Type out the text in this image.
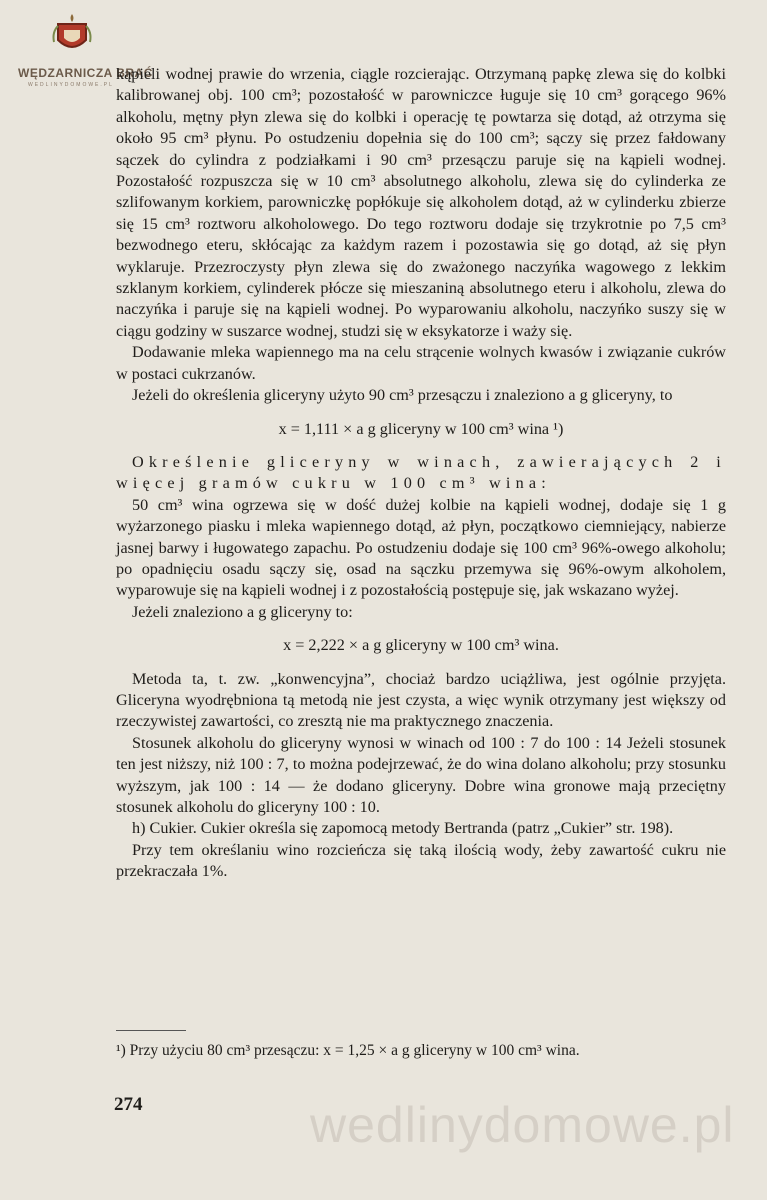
WĘDZARNICZA BRAĆ
WEDLINYDOMOWE.PL

kąpieli wodnej prawie do wrzenia, ciągle rozcierając. Otrzymaną papkę zlewa się do kolbki kalibrowanej obj. 100 cm³; pozostałość w parowniczce ługuje się 10 cm³ gorącego 96% alkoholu, mętny płyn zlewa się do kolbki i operację tę powtarza się dotąd, aż otrzyma się około 95 cm³ płynu. Po ostudzeniu dopełnia się do 100 cm³; sączy się przez fałdowany sączek do cylindra z podziałkami i 90 cm³ przesączu paruje się na kąpieli wodnej. Pozostałość rozpuszcza się w 10 cm³ absolutnego alkoholu, zlewa się do cylinderka ze szlifowanym korkiem, parowniczkę popłókuje się alkoholem dotąd, aż w cylinderku zbierze się 15 cm³ roztworu alkoholowego. Do tego roztworu dodaje się trzykrotnie po 7,5 cm³ bezwodnego eteru, skłócając za każdym razem i pozostawia się go dotąd, aż się płyn wyklaruje. Przezroczysty płyn zlewa się do zważonego naczyńka wagowego z lekkim szklanym korkiem, cylinderek płócze się mieszaniną absolutnego eteru i alkoholu, zlewa do naczyńka i paruje się na kąpieli wodnej. Po wyparowaniu alkoholu, naczyńko suszy się w ciągu godziny w suszarce wodnej, studzi się w eksykatorze i waży się.

Dodawanie mleka wapiennego ma na celu strącenie wolnych kwasów i związanie cukrów w postaci cukrzanów.

Jeżeli do określenia gliceryny użyto 90 cm³ przesączu i znaleziono a g gliceryny, to

x = 1,111 × a g gliceryny w 100 cm³ wina ¹)

Określenie gliceryny w winach, zawierających 2 i więcej gramów cukru w 100 cm³ wina:

50 cm³ wina ogrzewa się w dość dużej kolbie na kąpieli wodnej, dodaje się 1 g wyżarzonego piasku i mleka wapiennego dotąd, aż płyn, początkowo ciemniejący, nabierze jasnej barwy i ługowatego zapachu. Po ostudzeniu dodaje się 100 cm³ 96%-owego alkoholu; po opadnięciu osadu sączy się, osad na sączku przemywa się 96%-owym alkoholem, wyparowuje się na kąpieli wodnej i z pozostałością postępuje się, jak wskazano wyżej.

Jeżeli znaleziono a g gliceryny to:

x = 2,222 × a g gliceryny w 100 cm³ wina.

Metoda ta, t. zw. „konwencyjna”, chociaż bardzo uciążliwa, jest ogólnie przyjęta. Gliceryna wyodrębniona tą metodą nie jest czysta, a więc wynik otrzymany jest większy od rzeczywistej zawartości, co zresztą nie ma praktycznego znaczenia.

Stosunek alkoholu do gliceryny wynosi w winach od 100 : 7 do 100 : 14 Jeżeli stosunek ten jest niższy, niż 100 : 7, to można podejrzewać, że do wina dolano alkoholu; przy stosunku wyższym, jak 100 : 14 — że dodano gliceryny. Dobre wina gronowe mają przeciętny stosunek alkoholu do gliceryny 100 : 10.

h) Cukier. Cukier określa się zapomocą metody Bertranda (patrz „Cukier” str. 198).

Przy tem określaniu wino rozcieńcza się taką ilością wody, żeby zawartość cukru nie przekraczała 1%.

¹) Przy użyciu 80 cm³ przesączu: x = 1,25 × a g gliceryny w 100 cm³ wina.
274	wedlinydomowe.pl
